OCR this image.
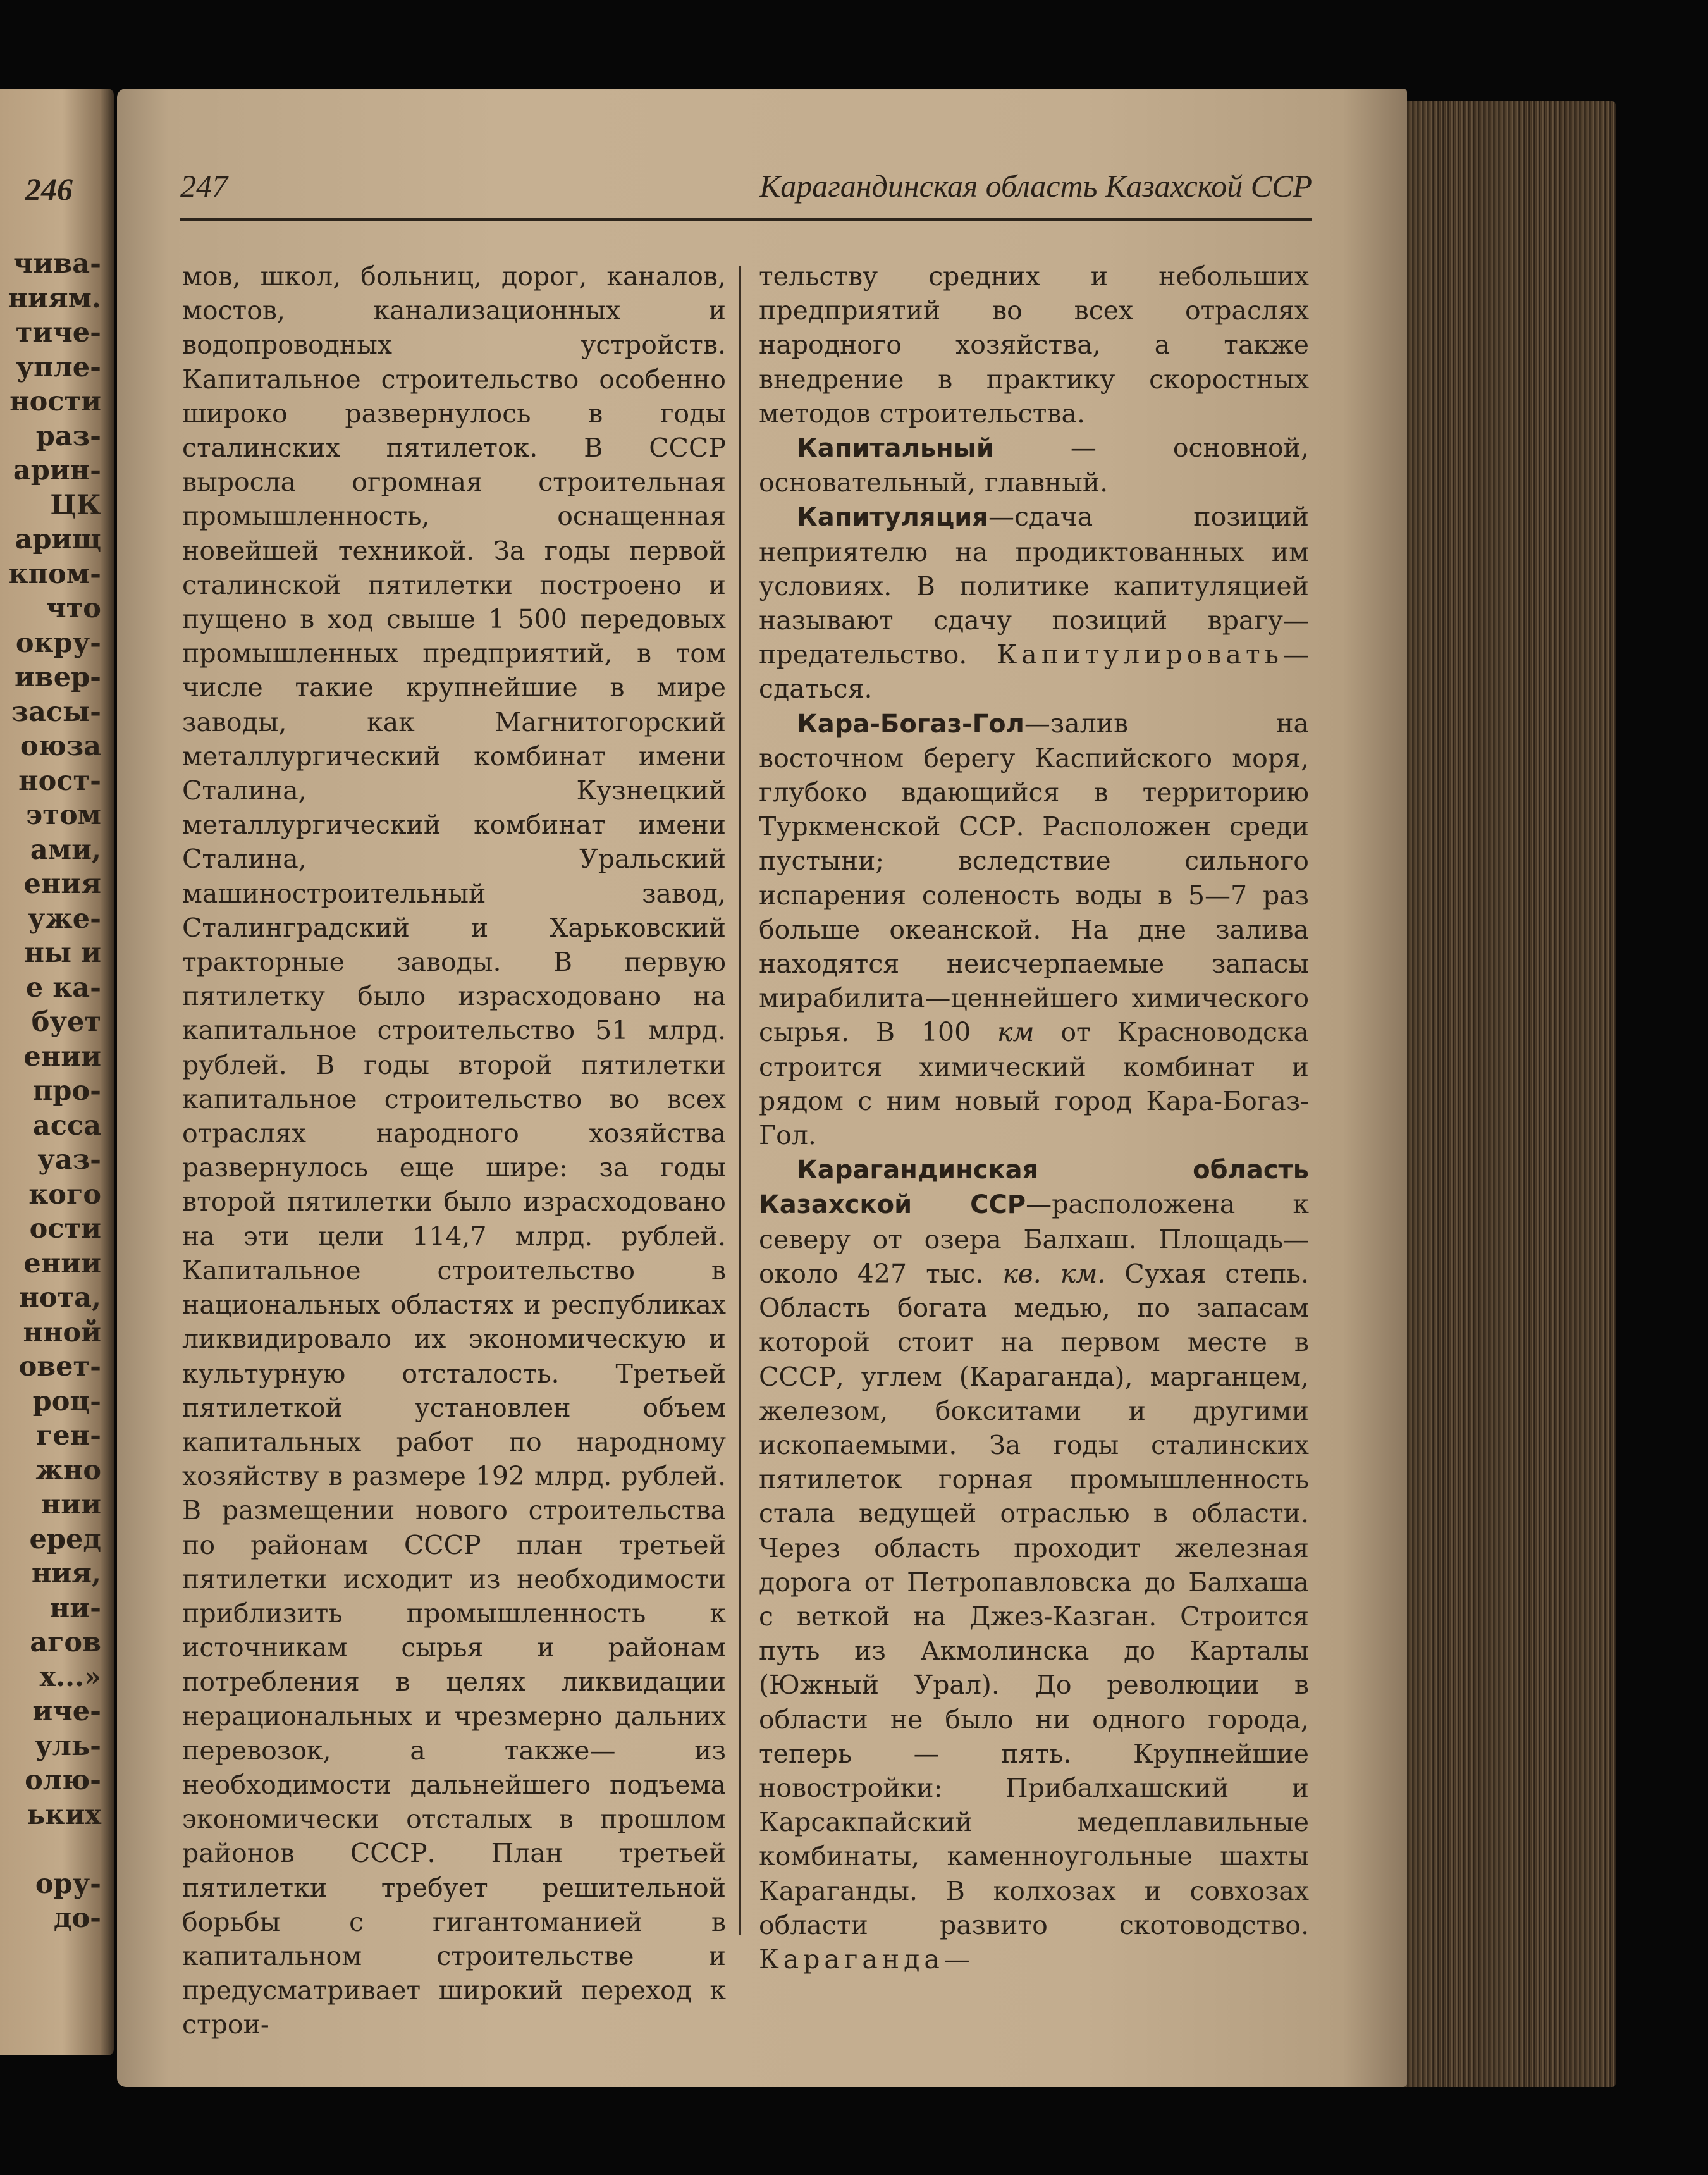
246
чива-
ниям.
тиче-
упле-
ности
раз-
арин-
ЦК
арищ
кпом-
что
окру-
ивер-
засы-
оюза
ност-
этом
ами,
ения
уже-
ны и
е ка-
бует
ении
про-
асса
уаз-
кого
ости
ении
нота,
нной
овет-
роц-
ген-
жно
нии
еред
ния,
ни-
агов
х...»
иче-
уль-
олю-
ьких

ору-
до-
247	Карагандинская область Казахской ССР

мов, школ, больниц, дорог, каналов, мостов, канализационных и водопроводных устройств. Капитальное строительство особенно широко развернулось в годы сталинских пятилеток. В СССР выросла огромная строительная промышленность, оснащенная новейшей техникой. За годы первой сталинской пятилетки построено и пущено в ход свыше 1 500 передовых промышленных предприятий, в том числе такие крупнейшие в мире заводы, как Магнитогорский металлургический комбинат имени Сталина, Кузнецкий металлургический комбинат имени Сталина, Уральский машиностроительный завод, Сталинградский и Харьковский тракторные заводы. В первую пятилетку было израсходовано на капитальное строительство 51 млрд. рублей. В годы второй пятилетки капитальное строительство во всех отраслях народного хозяйства развернулось еще шире: за годы второй пятилетки было израсходовано на эти цели 114,7 млрд. рублей. Капитальное строительство в национальных областях и республиках ликвидировало их экономическую и культурную отсталость. Третьей пятилеткой установлен объем капитальных работ по народному хозяйству в размере 192 млрд. рублей. В размещении нового строительства по районам СССР план третьей пятилетки исходит из необходимости приблизить промышленность к источникам сырья и районам потребления в целях ликвидации нерациональных и чрезмерно дальних перевозок, а также— из необходимости дальнейшего подъема экономически отсталых в прошлом районов СССР. План третьей пятилетки требует решительной борьбы с гигантоманией в капитальном строительстве и предусматривает широкий переход к строи-

тельству средних и небольших предприятий во всех отраслях народного хозяйства, а также внедрение в практику скоростных методов строительства.

Капитальный — основной, основательный, главный.

Капитуляция—сдача позиций неприятелю на продиктованных им условиях. В политике капитуляцией называют сдачу позиций врагу—предательство. Капитулировать— сдаться.

Кара-Богаз-Гол—залив на восточном берегу Каспийского моря, глубоко вдающийся в территорию Туркменской ССР. Расположен среди пустыни; вследствие сильного испарения соленость воды в 5—7 раз больше океанской. На дне залива находятся неисчерпаемые запасы мирабилита—ценнейшего химического сырья. В 100 км от Красноводска строится химический комбинат и рядом с ним новый город Кара-Богаз-Гол.

Карагандинская область Казахской ССР—расположена к северу от озера Балхаш. Площадь—около 427 тыс. кв. км. Сухая степь. Область богата медью, по запасам которой стоит на первом месте в СССР, углем (Караганда), марганцем, железом, бокситами и другими ископаемыми. За годы сталинских пятилеток горная промышленность стала ведущей отраслью в области. Через область проходит железная дорога от Петропавловска до Балхаша с веткой на Джез-Казган. Строится путь из Акмолинска до Карталы (Южный Урал). До революции в области не было ни одного города, теперь — пять. Крупнейшие новостройки: Прибалхашский и Карсакпайский медеплавильные комбинаты, каменноугольные шахты Караганды. В колхозах и совхозах области развито скотоводство. Караганда—
